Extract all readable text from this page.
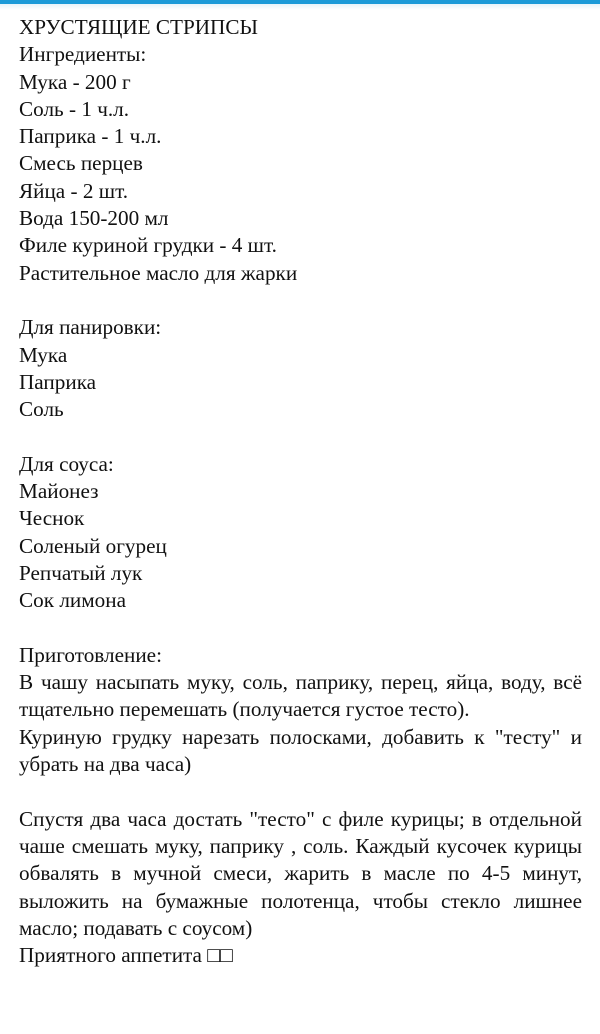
ХРУСТЯЩИЕ СТРИПСЫ
Ингредиенты:
Мука - 200 г
Соль - 1 ч.л.
Паприка - 1 ч.л.
Смесь перцев
Яйца - 2 шт.
Вода 150-200 мл
Филе куриной грудки - 4 шт.
Растительное масло для жарки
Для панировки:
Мука
Паприка
Соль
Для соуса:
Майонез
Чеснок
Соленый огурец
Репчатый лук
Сок лимона
Приготовление:

В чашу насыпать муку, соль, паприку, перец, яйца, воду, всё тщательно перемешать (получается густое тесто).

Куриную грудку нарезать полосками, добавить к "тесту" и убрать на два часа)

Спустя два часа достать "тесто" с филе курицы; в отдельной чаше смешать муку, паприку , соль. Каждый кусочек курицы обвалять в мучной смеси, жарить в масле по 4-5 минут, выложить на бумажные полотенца, чтобы стекло лишнее масло; подавать с соусом)

Приятного аппетита □□
